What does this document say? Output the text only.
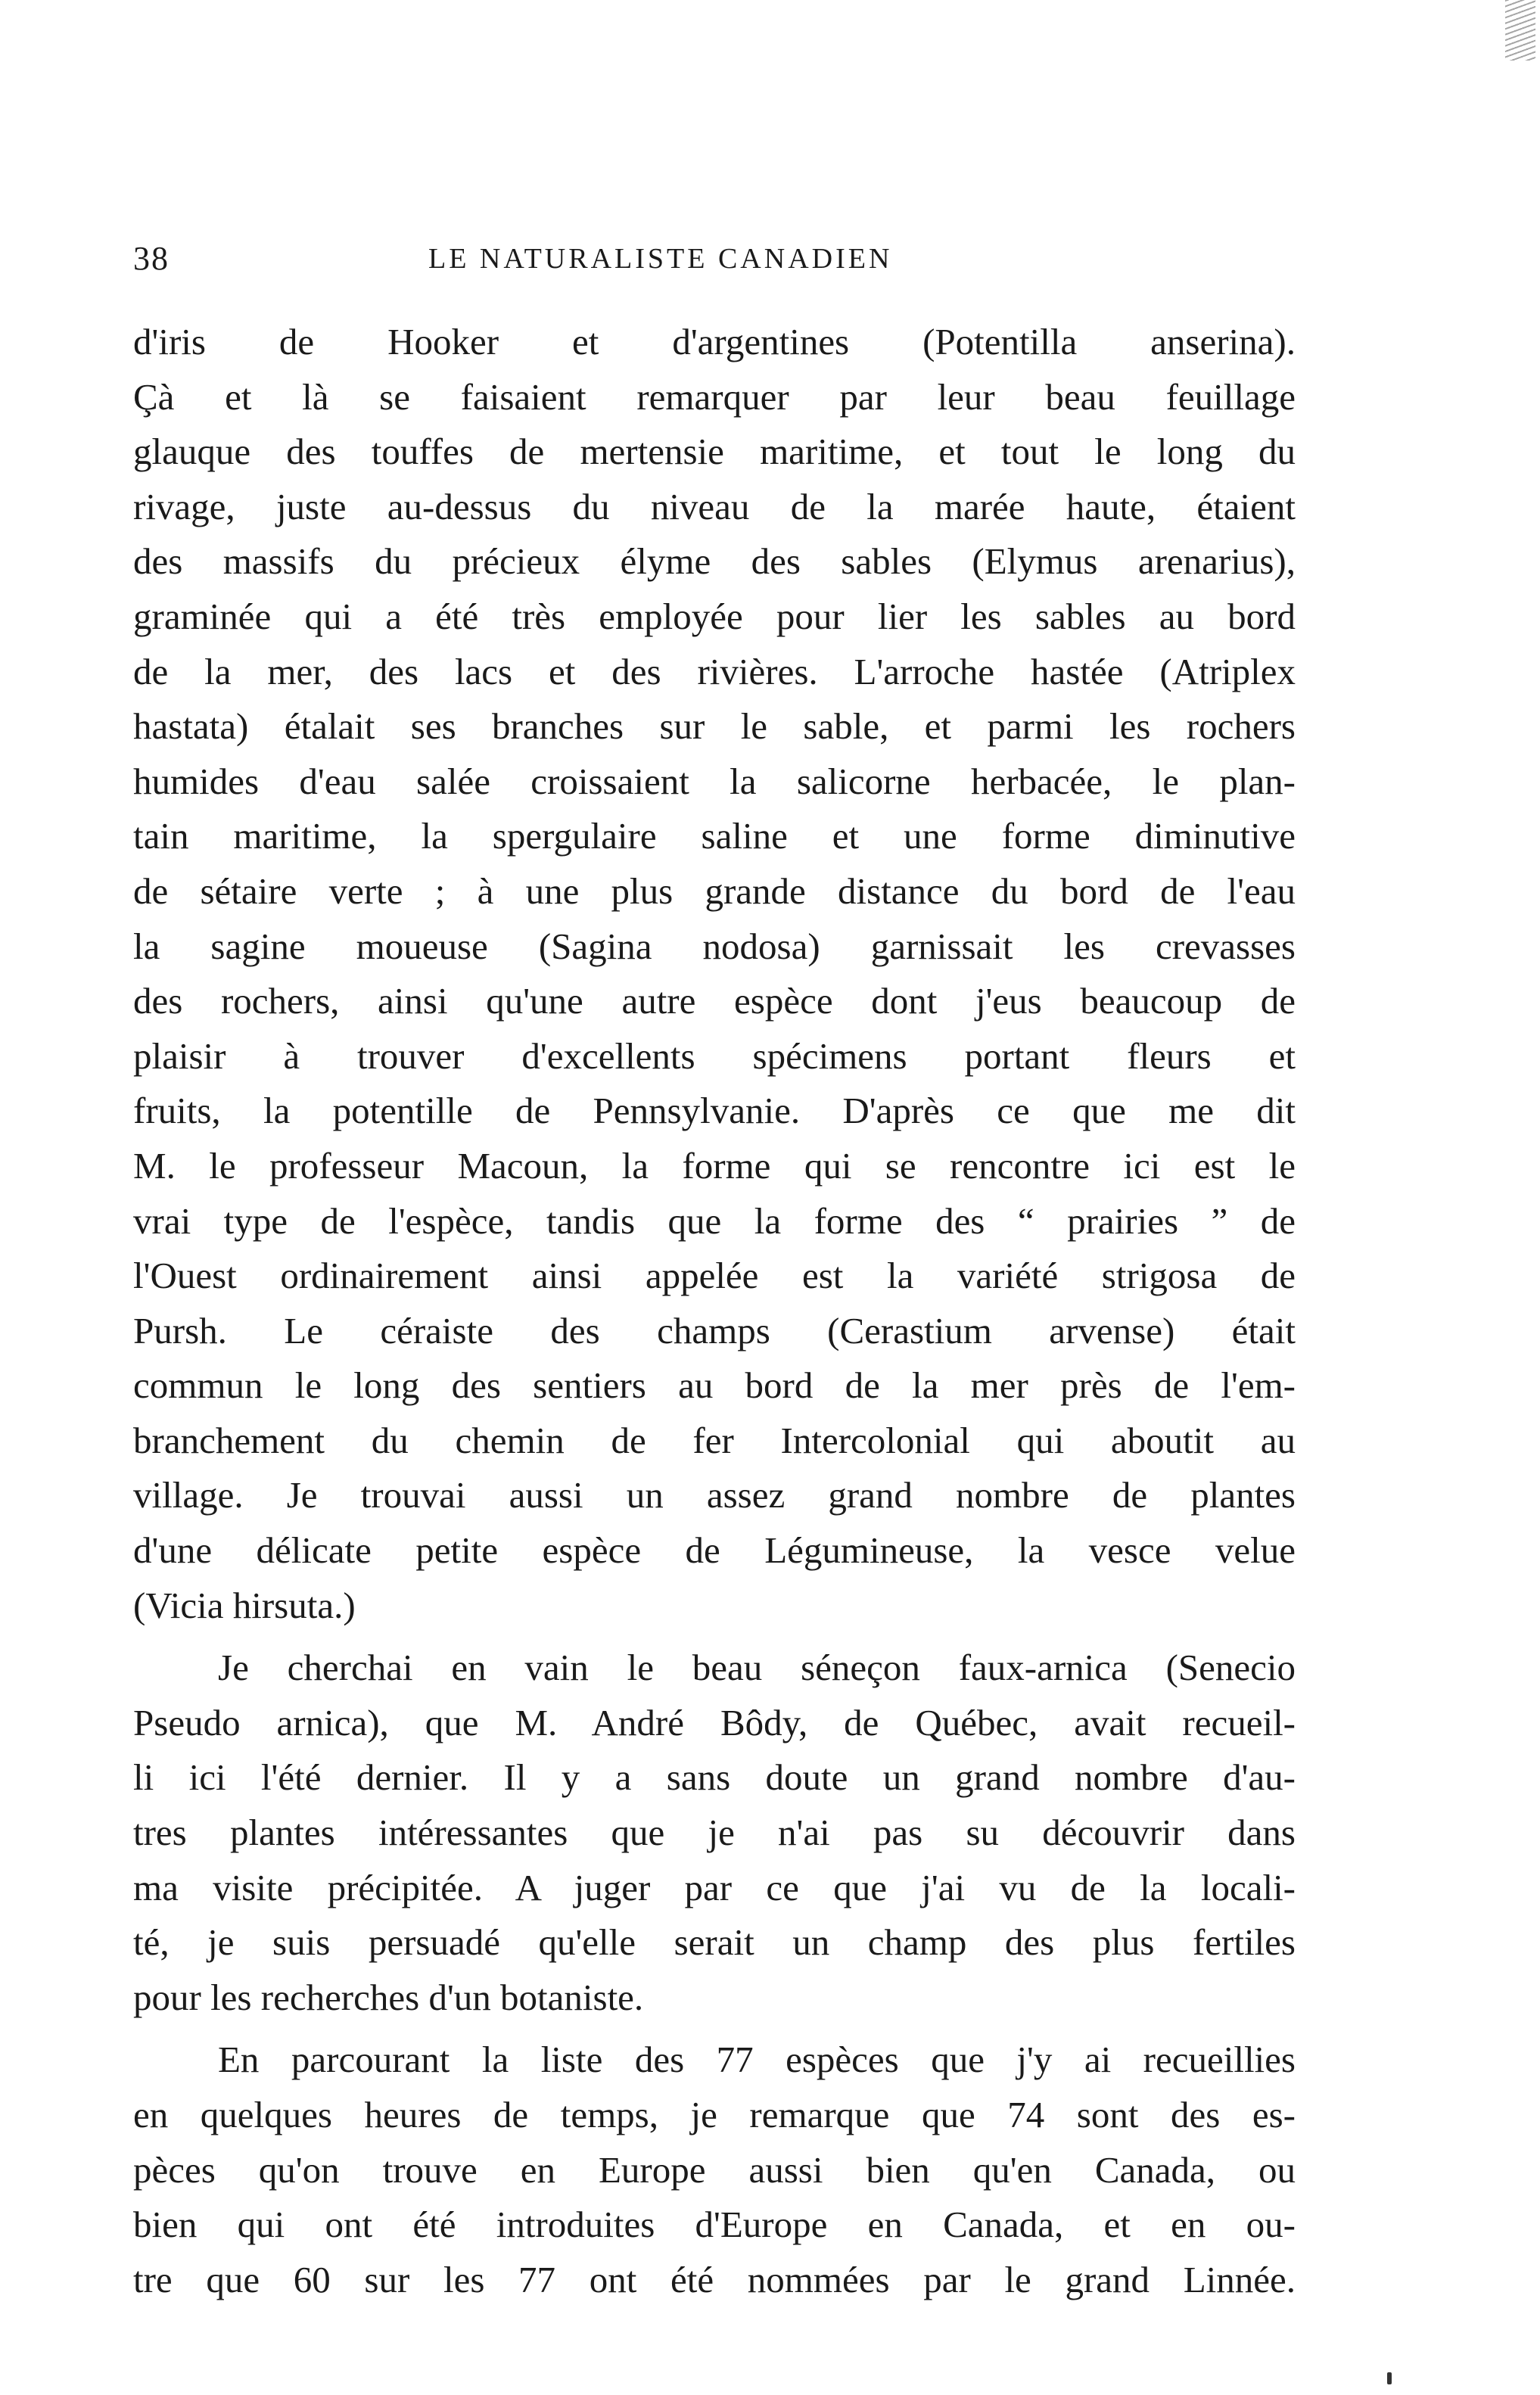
38	LE NATURALISTE CANADIEN
d'iris de Hooker et d'argentines (Potentilla anserina).
Çà et là se faisaient remarquer par leur beau feuillage
glauque des touffes de mertensie maritime, et tout le long du
rivage, juste au-dessus du niveau de la marée haute, étaient
des massifs du précieux élyme des sables (Elymus arenarius),
graminée qui a été très employée pour lier les sables au bord
de la mer, des lacs et des rivières. L'arroche hastée (Atriplex
hastata) étalait ses branches sur le sable, et parmi les rochers
humides d'eau salée croissaient la salicorne herbacée, le plan-
tain maritime, la spergulaire saline et une forme diminutive
de sétaire verte ; à une plus grande distance du bord de l'eau
la sagine moueuse (Sagina nodosa) garnissait les crevasses
des rochers, ainsi qu'une autre espèce dont j'eus beaucoup de
plaisir à trouver d'excellents spécimens portant fleurs et
fruits, la potentille de Pennsylvanie. D'après ce que me dit
M. le professeur Macoun, la forme qui se rencontre ici est le
vrai type de l'espèce, tandis que la forme des “ prairies ” de
l'Ouest ordinairement ainsi appelée est la variété strigosa de
Pursh. Le céraiste des champs (Cerastium arvense) était
commun le long des sentiers au bord de la mer près de l'em-
branchement du chemin de fer Intercolonial qui aboutit au
village. Je trouvai aussi un assez grand nombre de plantes
d'une délicate petite espèce de Légumineuse, la vesce velue
(Vicia hirsuta.)
Je cherchai en vain le beau séneçon faux-arnica (Senecio
Pseudo arnica), que M. André Bôdy, de Québec, avait recueil-
li ici l'été dernier. Il y a sans doute un grand nombre d'au-
tres plantes intéressantes que je n'ai pas su découvrir dans
ma visite précipitée. A juger par ce que j'ai vu de la locali-
té, je suis persuadé qu'elle serait un champ des plus fertiles
pour les recherches d'un botaniste.
En parcourant la liste des 77 espèces que j'y ai recueillies
en quelques heures de temps, je remarque que 74 sont des es-
pèces qu'on trouve en Europe aussi bien qu'en Canada, ou
bien qui ont été introduites d'Europe en Canada, et en ou-
tre que 60 sur les 77 ont été nommées par le grand Linnée.
